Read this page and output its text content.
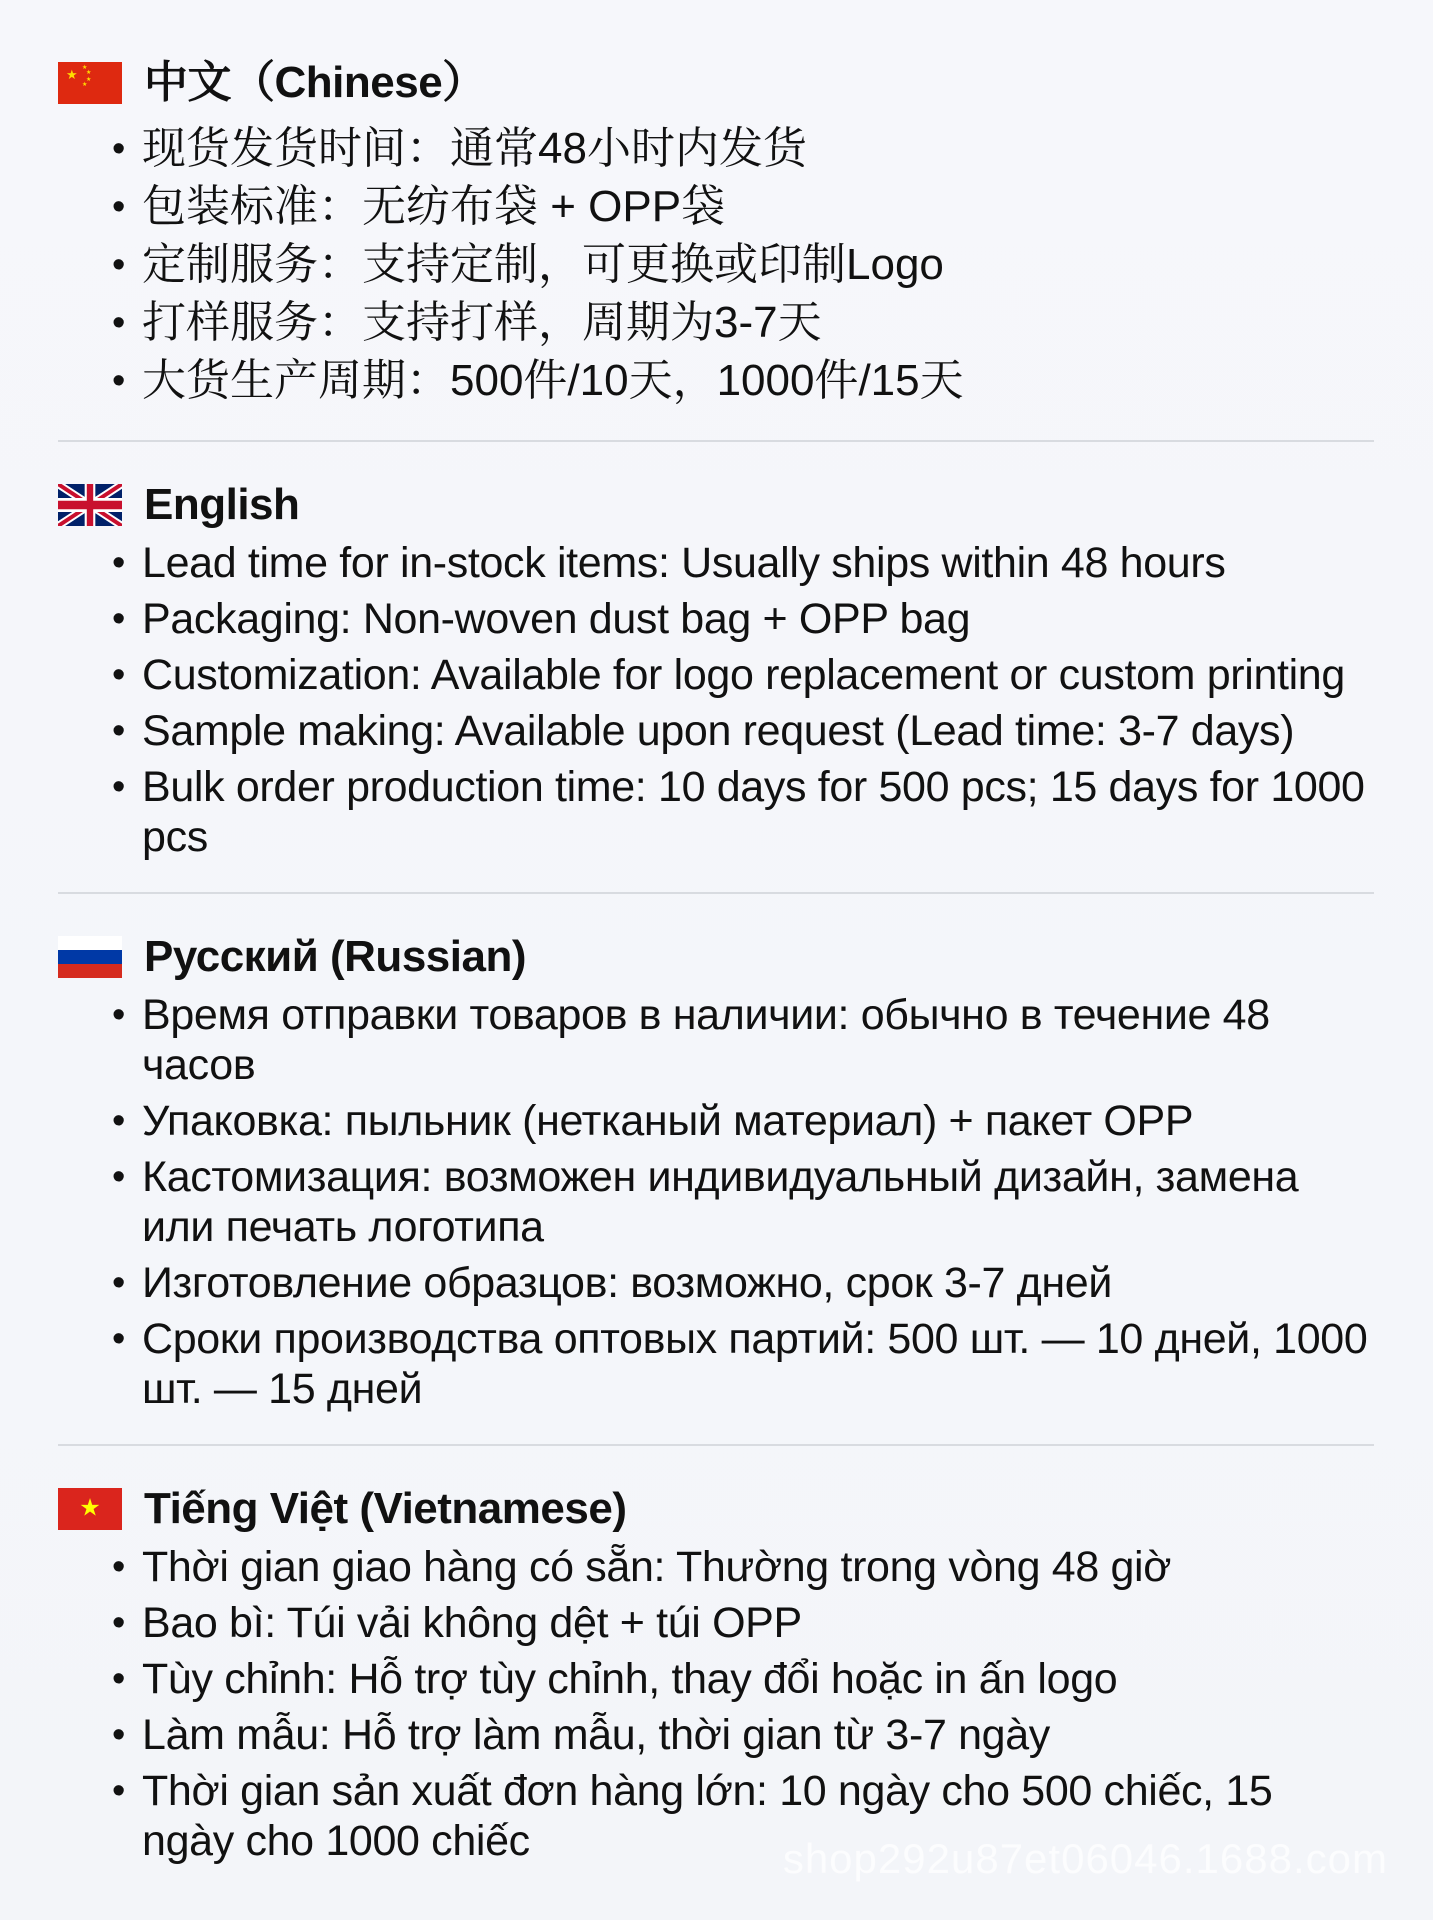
★ ★
★
★
★ 中文（Chinese）
• 现货发货时间：通常48小时内发货
• 包装标准：无纺布袋 + OPP袋
• 定制服务：支持定制，可更换或印制Logo
• 打样服务：支持打样，周期为3-7天
• 大货生产周期：500件/10天，1000件/15天
English
• Lead time for in-stock items: Usually ships within 48 hours
• Packaging: Non-woven dust bag + OPP bag
• Customization: Available for logo replacement or custom printing
• Sample making: Available upon request (Lead time: 3-7 days)
• Bulk order production time: 10 days for 500 pcs; 15 days for 1000 pcs
Русский (Russian)
• Время отправки товаров в наличии: обычно в течение 48 часов
• Упаковка: пыльник (нетканый материал) + пакет OPP
• Кастомизация: возможен индивидуальный дизайн, замена или печать логотипа
• Изготовление образцов: возможно, срок 3-7 дней
• Сроки производства оптовых партий: 500 шт. — 10 дней, 1000 шт. — 15 дней
★ Tiếng Việt (Vietnamese)
• Thời gian giao hàng có sẵn: Thường trong vòng 48 giờ
• Bao bì: Túi vải không dệt + túi OPP
• Tùy chỉnh: Hỗ trợ tùy chỉnh, thay đổi hoặc in ấn logo
• Làm mẫu: Hỗ trợ làm mẫu, thời gian từ 3-7 ngày
• Thời gian sản xuất đơn hàng lớn: 10 ngày cho 500 chiếc, 15 ngày cho 1000 chiếc	shop292u87et06046.1688.com
